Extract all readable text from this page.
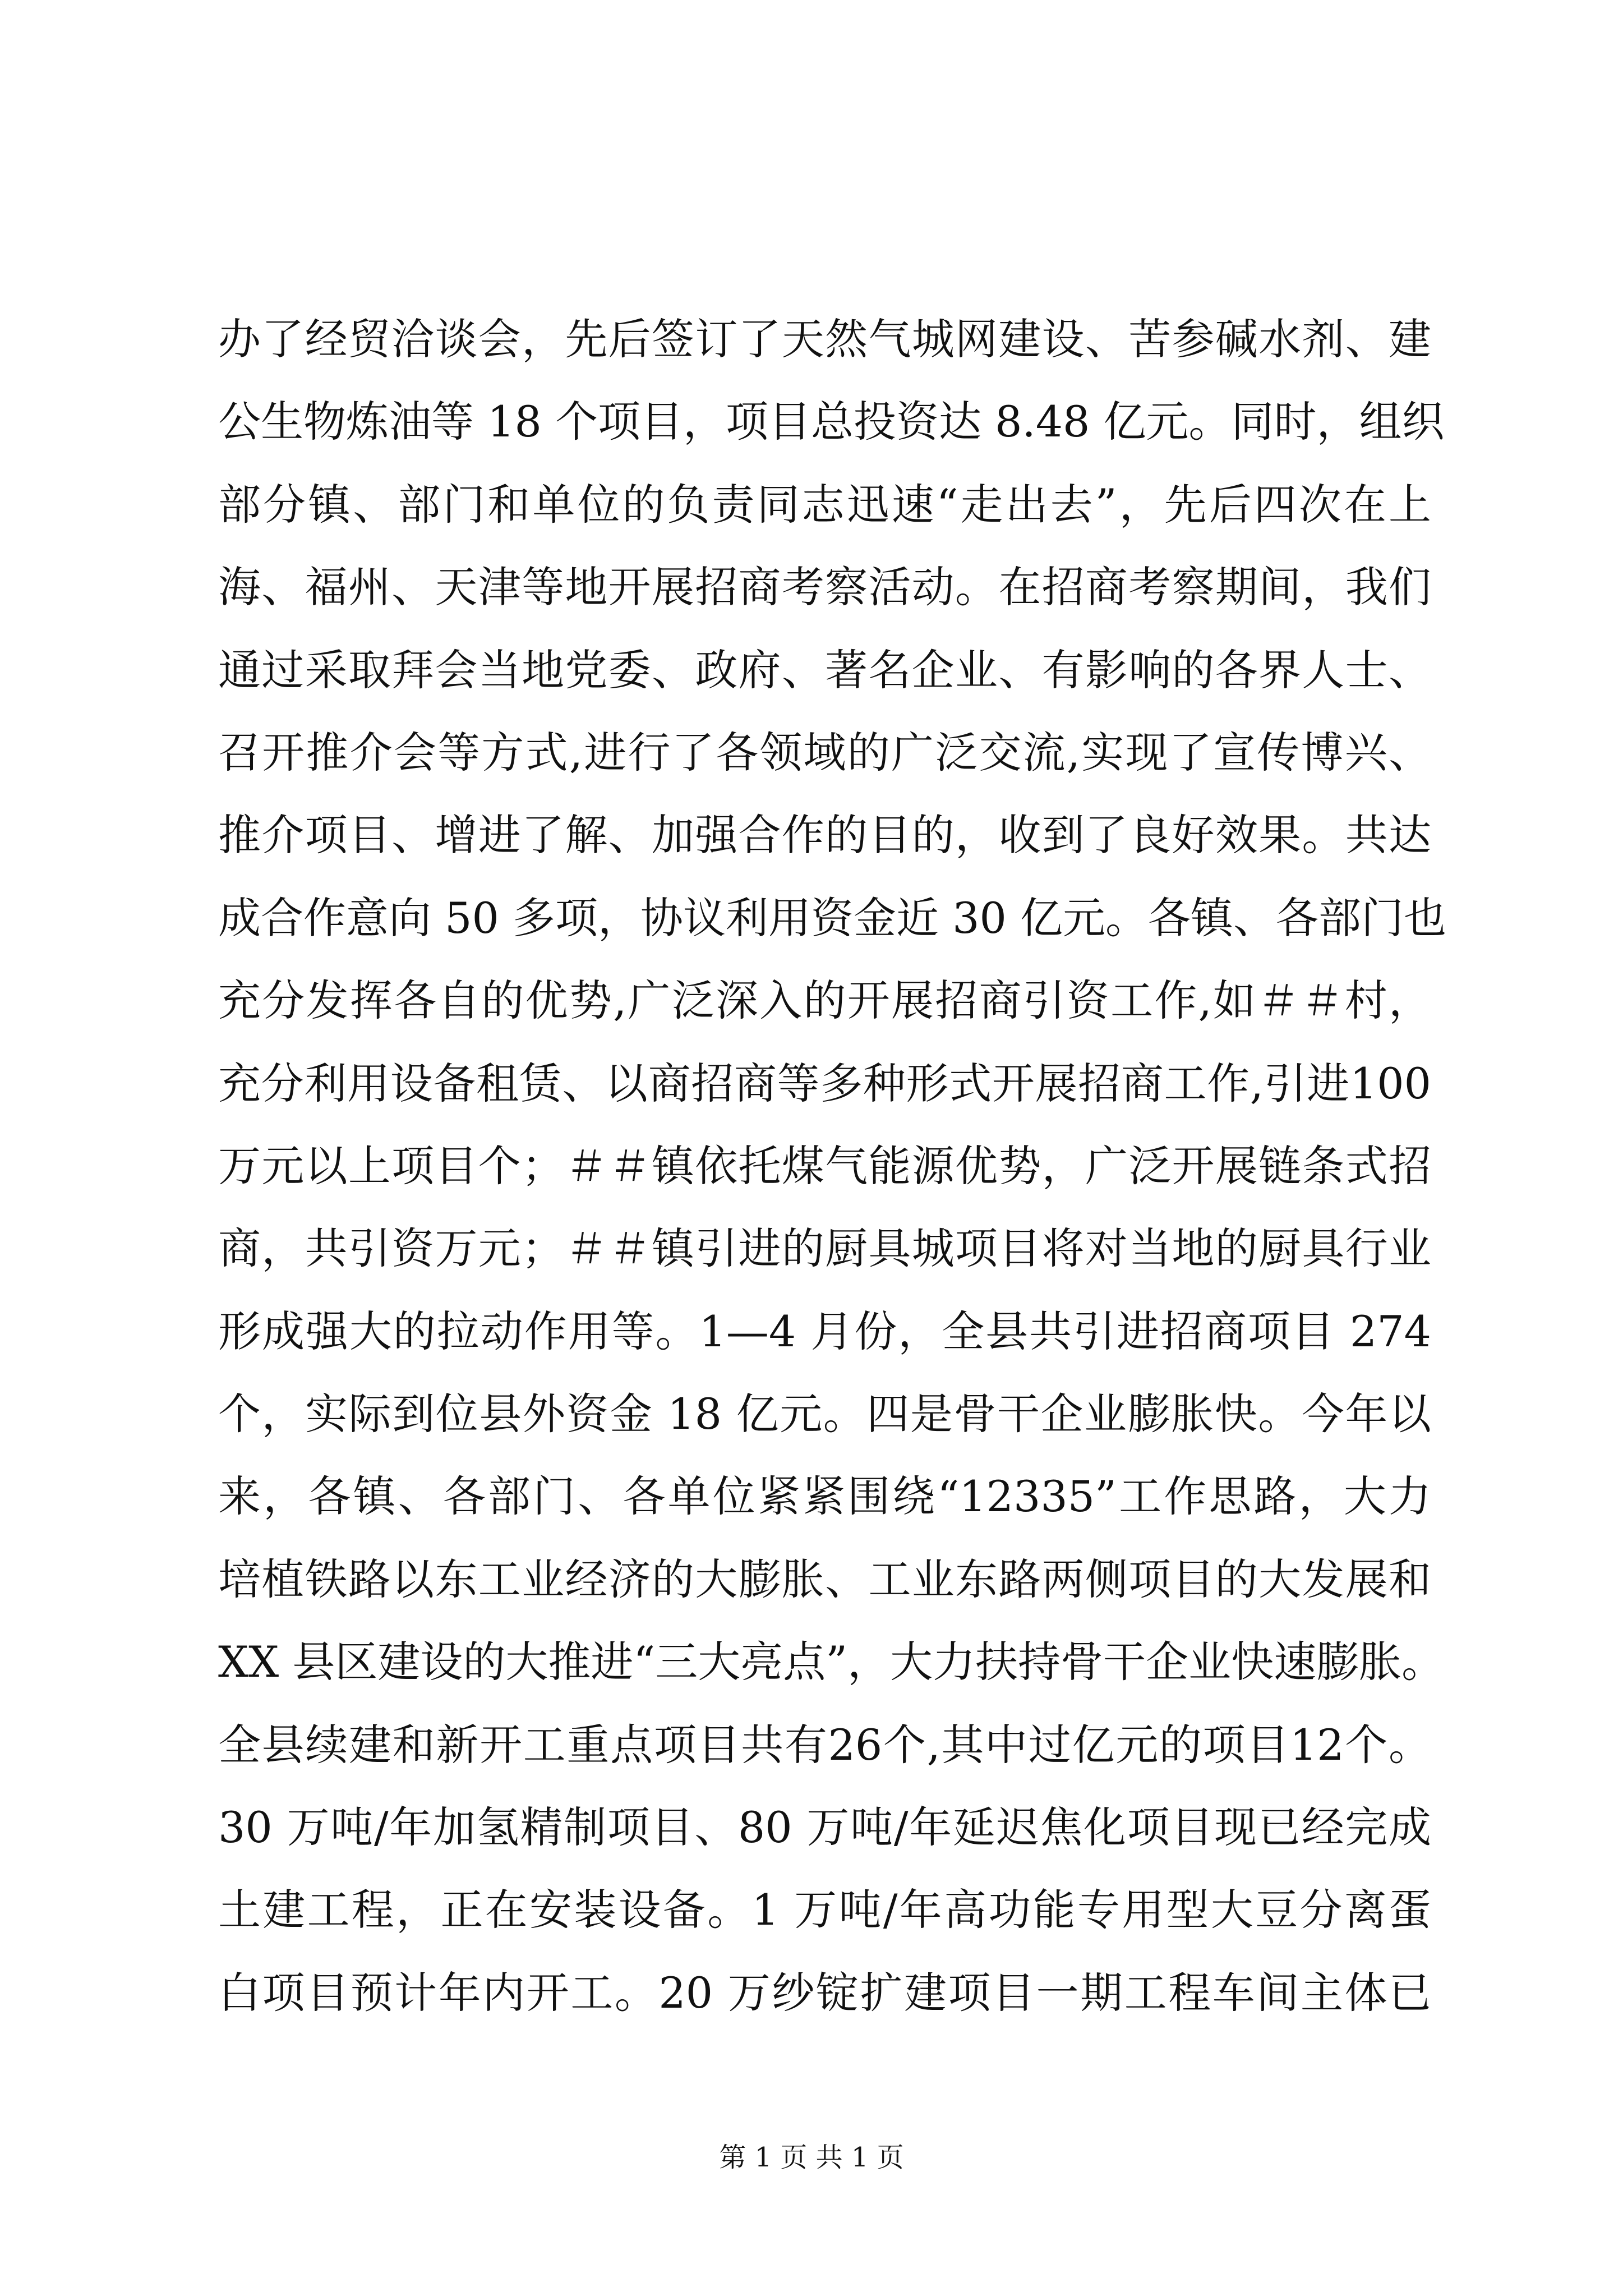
办了经贸洽谈会，先后签订了天然气城网建设、苦参碱水剂、建
公生物炼油等 18 个项目，项目总投资达 8.48 亿元。同时，组织
部分镇、部门和单位的负责同志迅速“走出去”，先后四次在上
海、福州、天津等地开展招商考察活动。在招商考察期间，我们
通过采取拜会当地党委、政府、著名企业、有影响的各界人士、
召开推介会等方式,进行了各领域的广泛交流,实现了宣传博兴、
推介项目、增进了解、加强合作的目的，收到了良好效果。共达
成合作意向 50 多项，协议利用资金近 30 亿元。各镇、各部门也
充分发挥各自的优势,广泛深入的开展招商引资工作,如＃＃村，
充分利用设备租赁、以商招商等多种形式开展招商工作,引进100
万元以上项目个；＃＃镇依托煤气能源优势，广泛开展链条式招
商，共引资万元；＃＃镇引进的厨具城项目将对当地的厨具行业
形成强大的拉动作用等。1—4 月份，全县共引进招商项目 274
个，实际到位县外资金 18 亿元。四是骨干企业膨胀快。今年以
来，各镇、各部门、各单位紧紧围绕“12335”工作思路，大力
培植铁路以东工业经济的大膨胀、工业东路两侧项目的大发展和
XX 县区建设的大推进“三大亮点”，大力扶持骨干企业快速膨胀。
全县续建和新开工重点项目共有26个,其中过亿元的项目12个。
30 万吨/年加氢精制项目、80 万吨/年延迟焦化项目现已经完成
土建工程，正在安装设备。1 万吨/年高功能专用型大豆分离蛋
白项目预计年内开工。20 万纱锭扩建项目一期工程车间主体已
第 1 页 共 1 页
